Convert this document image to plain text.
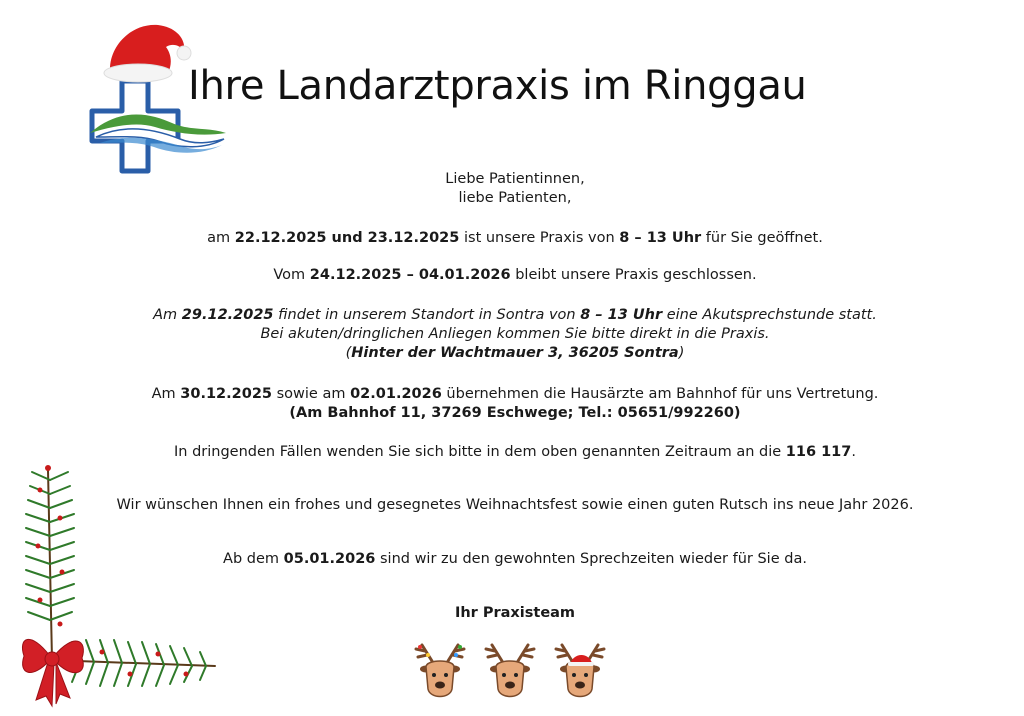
Ihre Landarztpraxis im Ringgau

Liebe Patientinnen,

liebe Patienten,

am 22.12.2025 und 23.12.2025 ist unsere Praxis von 8 – 13 Uhr für Sie geöffnet.

Vom 24.12.2025 – 04.01.2026 bleibt unsere Praxis geschlossen.

Am 29.12.2025 findet in unserem Standort in Sontra von 8 – 13 Uhr eine Akutsprechstunde statt.

Bei akuten/dringlichen Anliegen kommen Sie bitte direkt in die Praxis.

(Hinter der Wachtmauer 3, 36205 Sontra)

Am 30.12.2025 sowie am 02.01.2026 übernehmen die Hausärzte am Bahnhof für uns Vertretung.

(Am Bahnhof 11, 37269 Eschwege; Tel.: 05651/992260)

In dringenden Fällen wenden Sie sich bitte in dem oben genannten Zeitraum an die 116 117.

Wir wünschen Ihnen ein frohes und gesegnetes Weihnachtsfest sowie einen guten Rutsch ins neue Jahr 2026.

Ab dem 05.01.2026 sind wir zu den gewohnten Sprechzeiten wieder für Sie da.

Ihr Praxisteam
